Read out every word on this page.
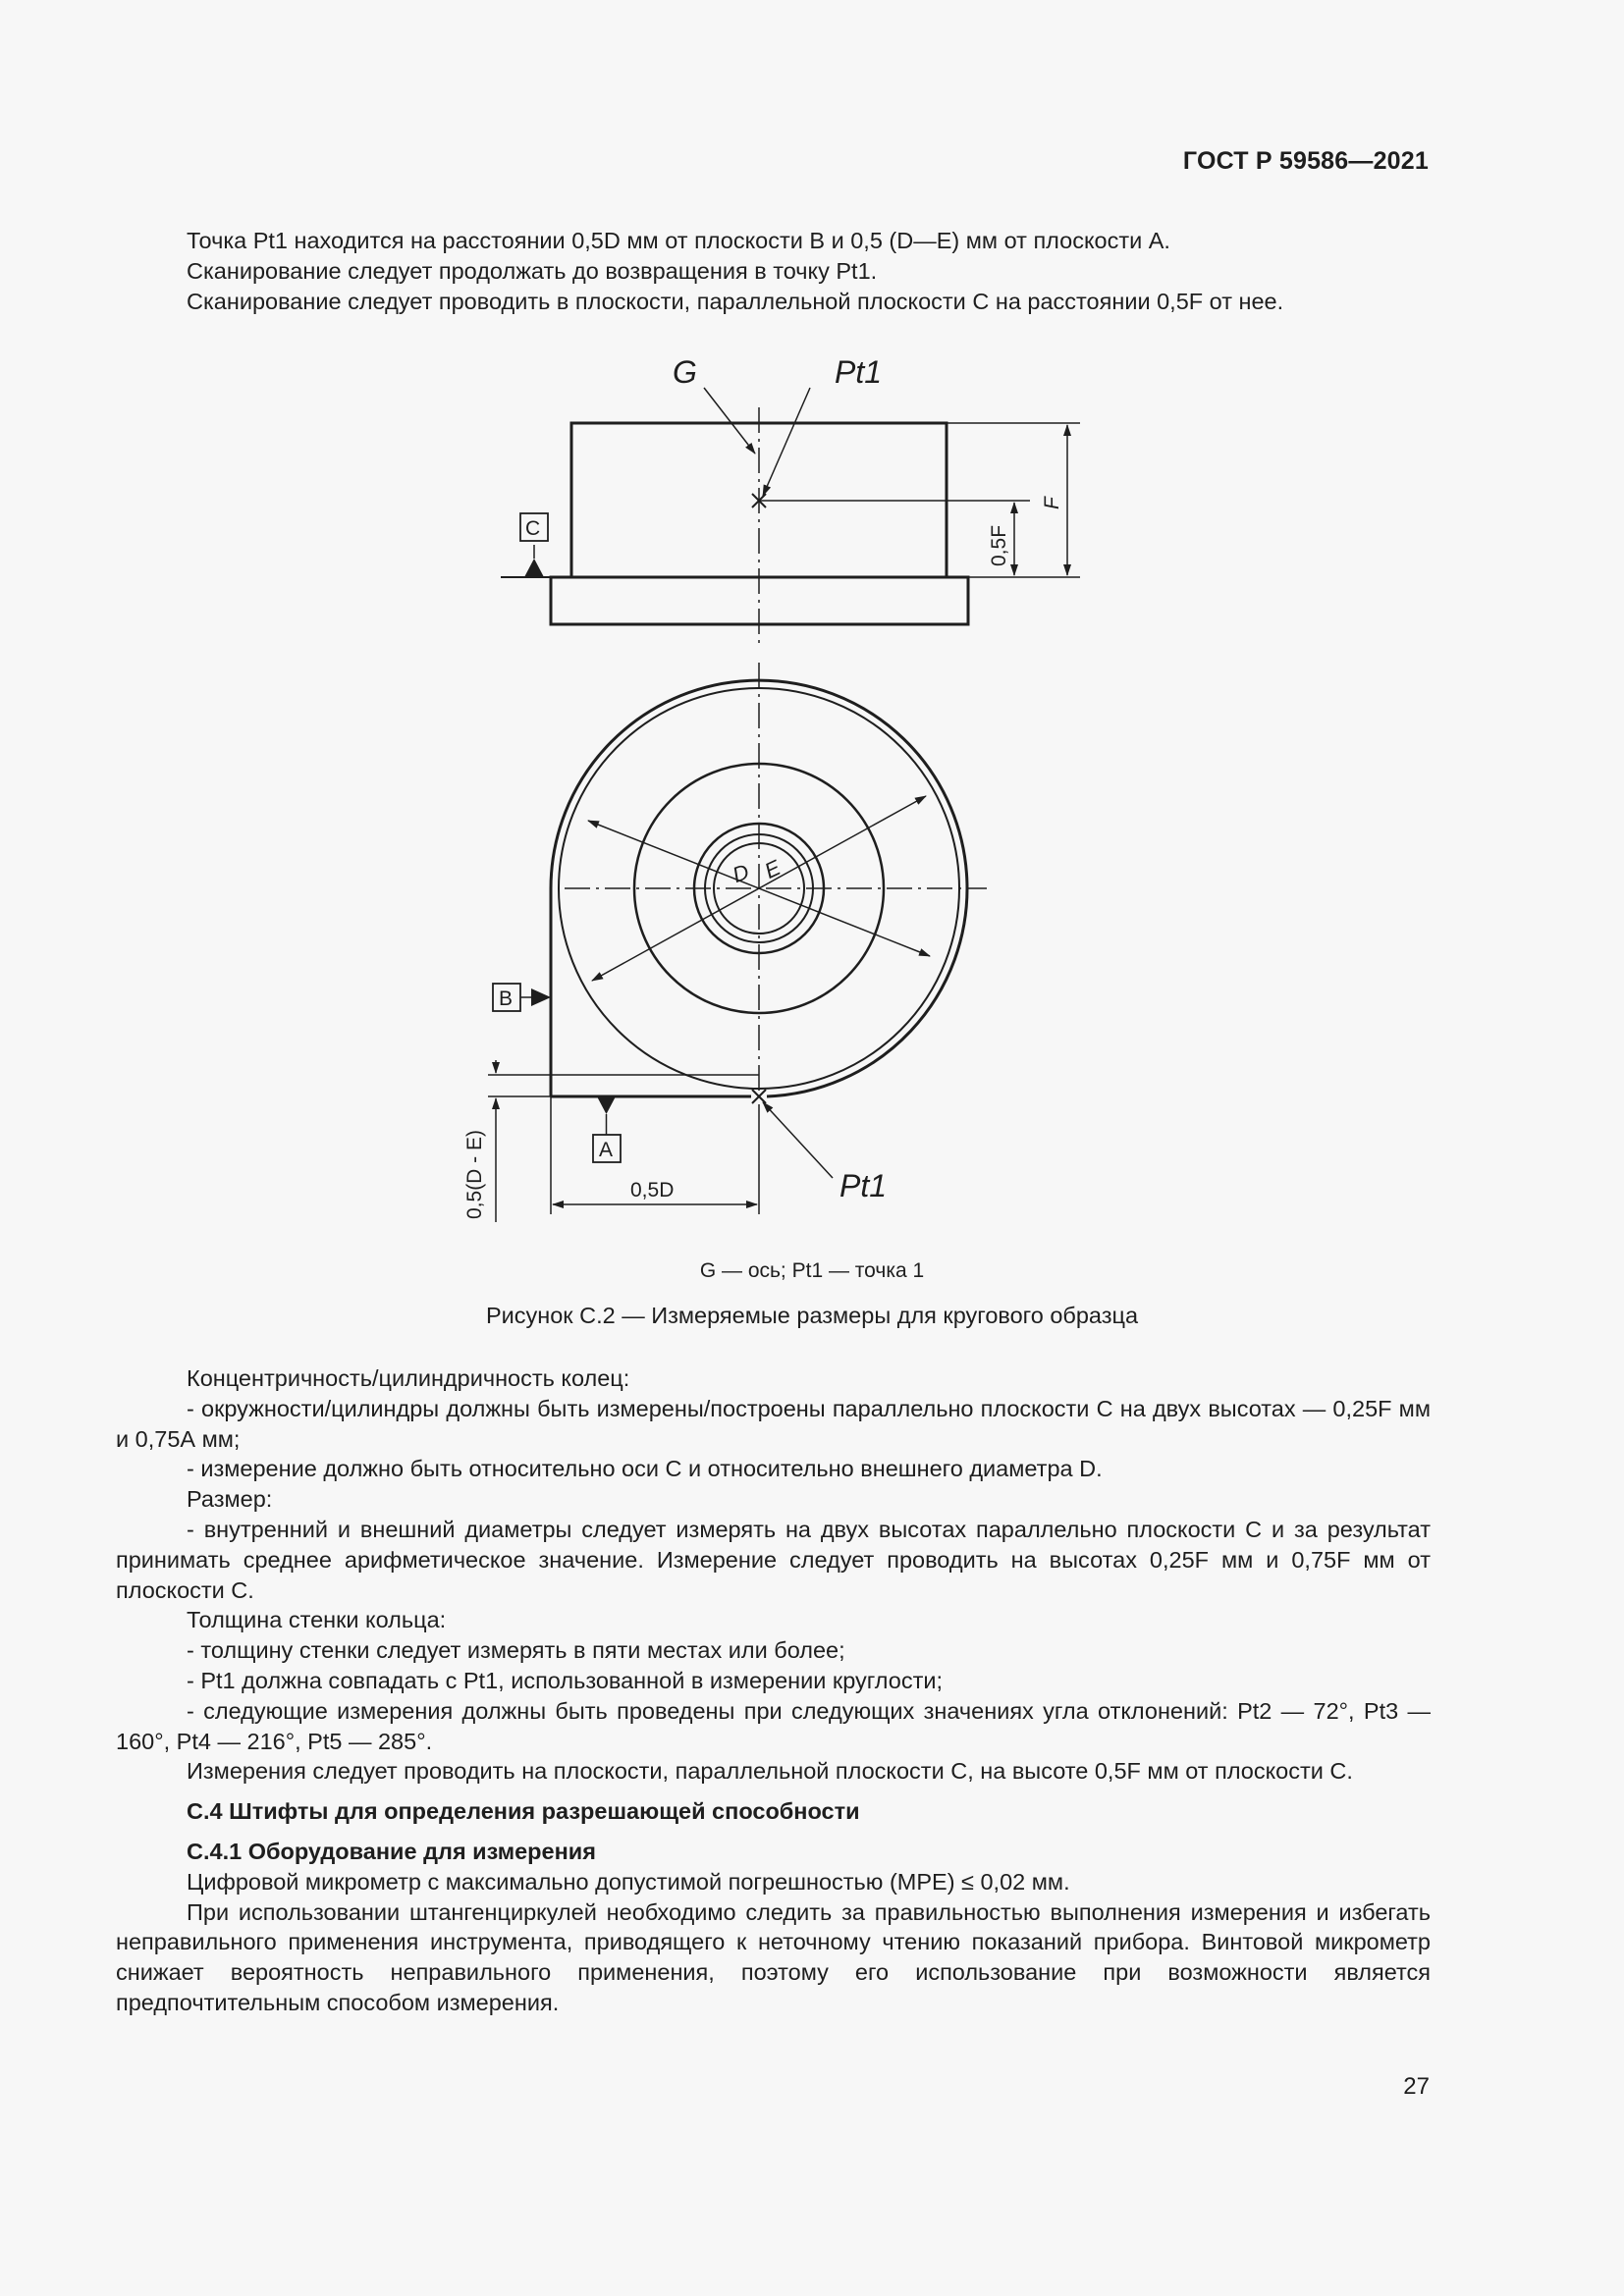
ГОСТ Р 59586—2021

Точка Pt1 находится на расстоянии 0,5D мм от плоскости B и 0,5 (D—E) мм от плоскости A.

Сканирование следует продолжать до возвращения в точку Pt1.

Сканирование следует проводить в плоскости, параллельной плоскости C на расстоянии 0,5F от нее.

G	Pt1
C	0,5F
F
D E
B
A
Pt1
0,5D
0,5(D - E)
G — ось; Pt1 — точка 1
Рисунок С.2 — Измеряемые размеры для кругового образца

Концентричность/цилиндричность колец:

- окружности/цилиндры должны быть измерены/построены параллельно плоскости C на двух высотах — 0,25F мм и 0,75А мм;

- измерение должно быть относительно оси C и относительно внешнего диаметра D.

Размер:

- внутренний и внешний диаметры следует измерять на двух высотах параллельно плоскости C и за результат принимать среднее арифметическое значение. Измерение следует проводить на высотах 0,25F мм и 0,75F мм от плоскости C.

Толщина стенки кольца:

- толщину стенки следует измерять в пяти местах или более;

- Pt1 должна совпадать с Pt1, использованной в измерении круглости;

- следующие измерения должны быть проведены при следующих значениях угла отклонений: Pt2 — 72°, Pt3 — 160°, Pt4 — 216°, Pt5 — 285°.

Измерения следует проводить на плоскости, параллельной плоскости C, на высоте 0,5F мм от плоскости C.

С.4 Штифты для определения разрешающей способности

С.4.1 Оборудование для измерения

Цифровой микрометр с максимально допустимой погрешностью (МРЕ) ≤ 0,02 мм.

При использовании штангенциркулей необходимо следить за правильностью выполнения измерения и избегать неправильного применения инструмента, приводящего к неточному чтению показаний прибора. Винтовой микрометр снижает вероятность неправильного применения, поэтому его использование при возможности является предпочтительным способом измерения.

27
